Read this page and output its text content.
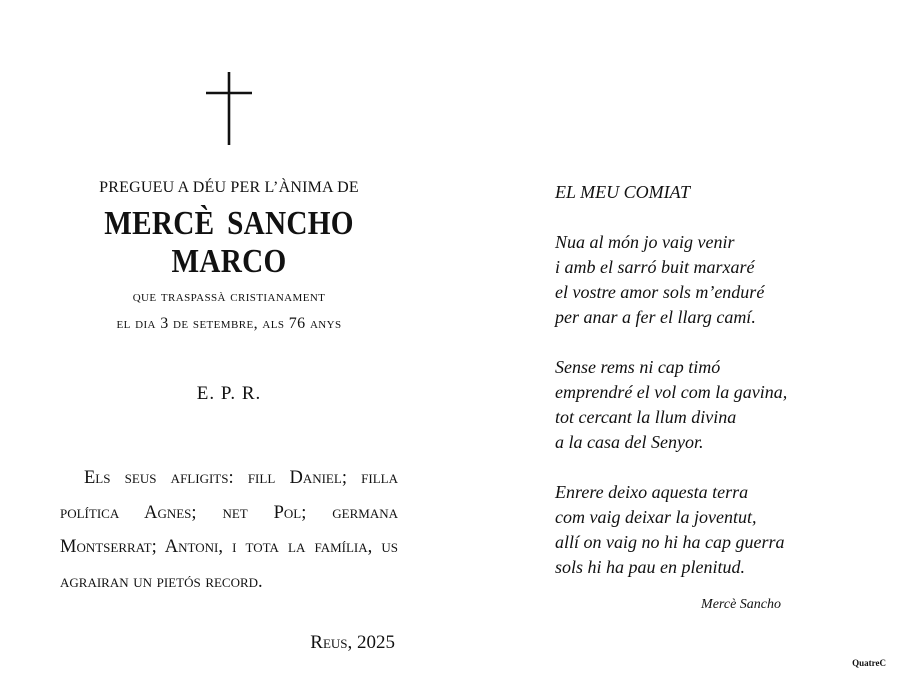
PREGUEU A DÉU PER L’ÀNIMA DE
MERCÈ SANCHO MARCO
que traspassà cristianament
el dia 3 de setembre, als 76 anys
E. P. R.
Els seus afligits: fill Daniel; filla política Agnes; net Pol; germana Montserrat; Antoni, i tota la família, us agrairan un pietós record.
Reus, 2025
EL MEU COMIAT
Nua al món jo vaig venir
i amb el sarró buit marxaré
el vostre amor sols m’enduré
per anar a fer el llarg camí.
Sense rems ni cap timó
emprendré el vol com la gavina,
tot cercant la llum divina
a la casa del Senyor.
Enrere deixo aquesta terra
com vaig deixar la joventut,
allí on vaig no hi ha cap guerra
sols hi ha pau en plenitud.
Mercè Sancho
QuatreC
